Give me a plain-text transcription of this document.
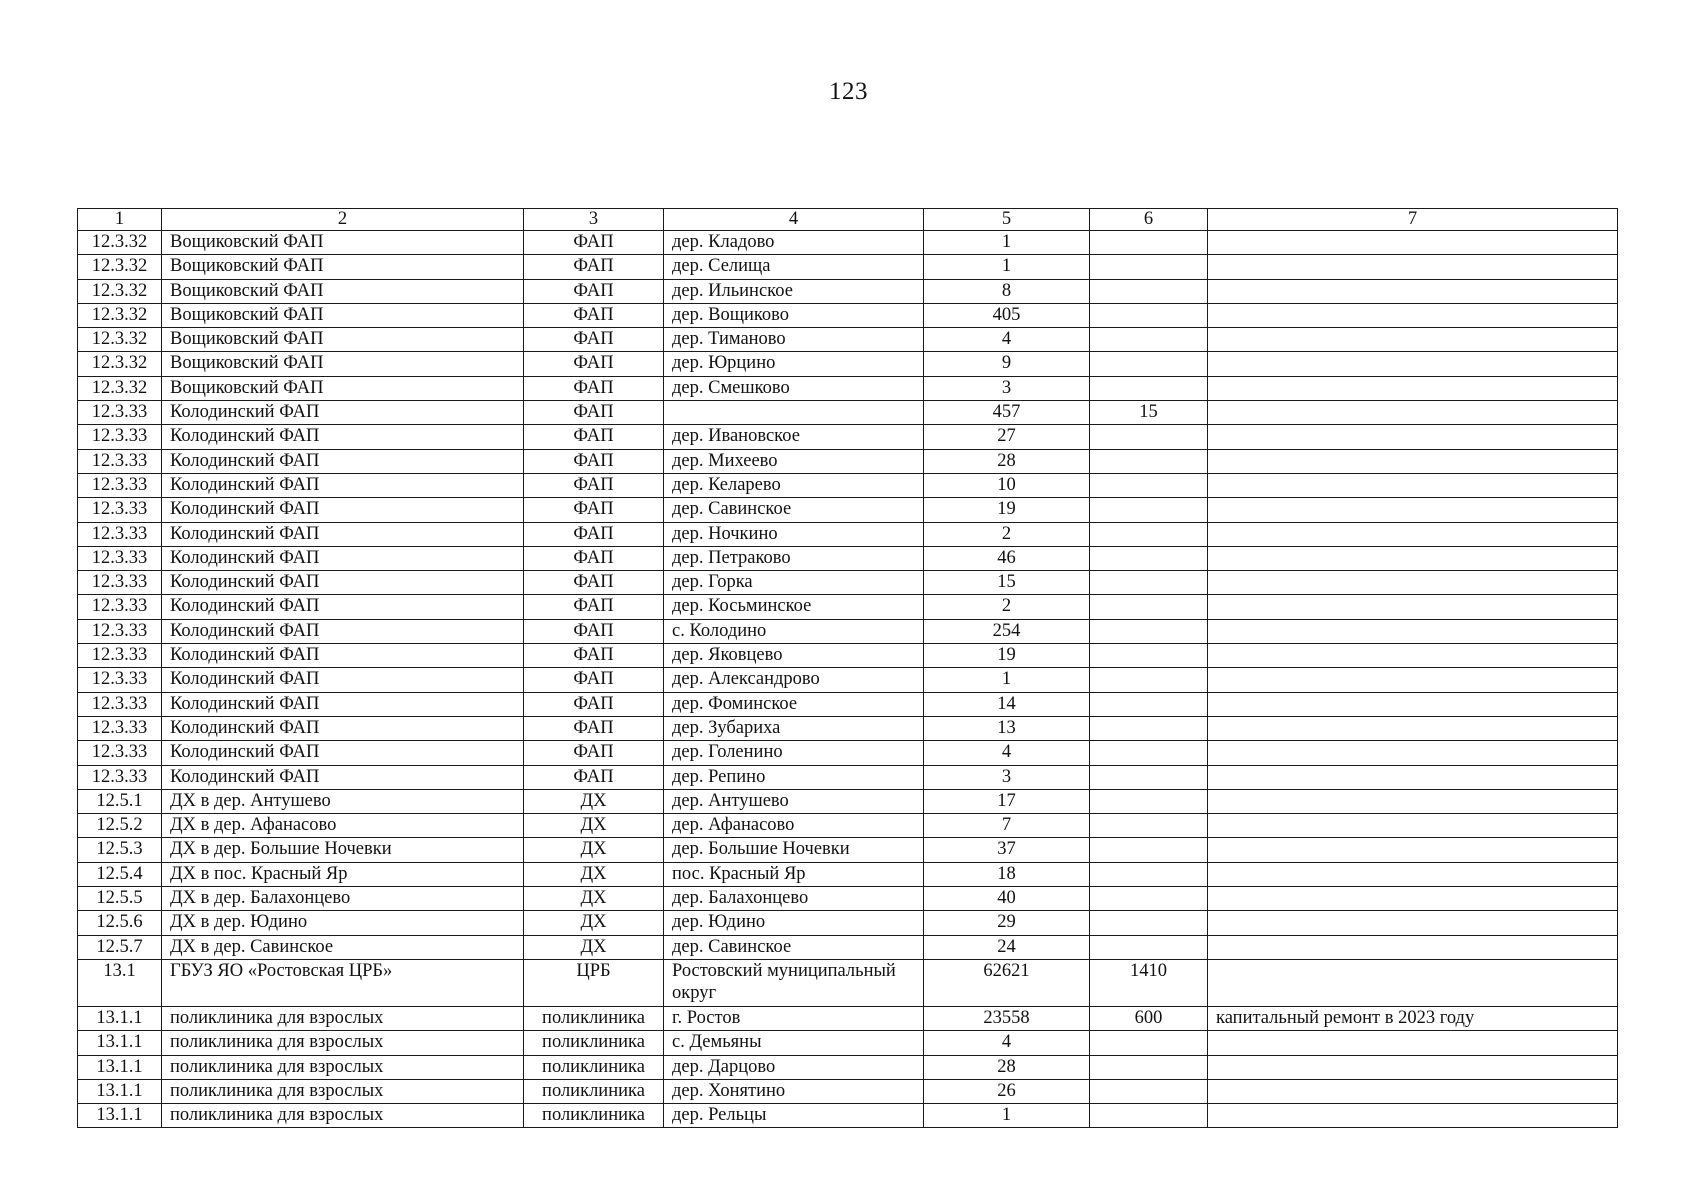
123
1	2	3	4	5	6	7
12.3.32	Вощиковский ФАП	ФАП	дер. Кладово	1		
12.3.32	Вощиковский ФАП	ФАП	дер. Селища	1		
12.3.32	Вощиковский ФАП	ФАП	дер. Ильинское	8		
12.3.32	Вощиковский ФАП	ФАП	дер. Вощиково	405		
12.3.32	Вощиковский ФАП	ФАП	дер. Тиманово	4		
12.3.32	Вощиковский ФАП	ФАП	дер. Юрцино	9		
12.3.32	Вощиковский ФАП	ФАП	дер. Смешково	3		
12.3.33	Колодинский ФАП	ФАП		457	15	
12.3.33	Колодинский ФАП	ФАП	дер. Ивановское	27		
12.3.33	Колодинский ФАП	ФАП	дер. Михеево	28		
12.3.33	Колодинский ФАП	ФАП	дер. Келарево	10		
12.3.33	Колодинский ФАП	ФАП	дер. Савинское	19		
12.3.33	Колодинский ФАП	ФАП	дер. Ночкино	2		
12.3.33	Колодинский ФАП	ФАП	дер. Петраково	46		
12.3.33	Колодинский ФАП	ФАП	дер. Горка	15		
12.3.33	Колодинский ФАП	ФАП	дер. Косьминское	2		
12.3.33	Колодинский ФАП	ФАП	с. Колодино	254		
12.3.33	Колодинский ФАП	ФАП	дер. Яковцево	19		
12.3.33	Колодинский ФАП	ФАП	дер. Александрово	1		
12.3.33	Колодинский ФАП	ФАП	дер. Фоминское	14		
12.3.33	Колодинский ФАП	ФАП	дер. Зубариха	13		
12.3.33	Колодинский ФАП	ФАП	дер. Голенино	4		
12.3.33	Колодинский ФАП	ФАП	дер. Репино	3		
12.5.1	ДХ в дер. Антушево	ДХ	дер. Антушево	17		
12.5.2	ДХ в дер. Афанасово	ДХ	дер. Афанасово	7		
12.5.3	ДХ в дер. Большие Ночевки	ДХ	дер. Большие Ночевки	37		
12.5.4	ДХ в пос. Красный Яр	ДХ	пос. Красный Яр	18		
12.5.5	ДХ в дер. Балахонцево	ДХ	дер. Балахонцево	40		
12.5.6	ДХ в дер. Юдино	ДХ	дер. Юдино	29		
12.5.7	ДХ в дер. Савинское	ДХ	дер. Савинское	24		
13.1	ГБУЗ ЯО «Ростовская ЦРБ»	ЦРБ	Ростовский муниципальный округ	62621	1410	
13.1.1	поликлиника для взрослых	поликлиника	г. Ростов	23558	600	капитальный ремонт в 2023 году
13.1.1	поликлиника для взрослых	поликлиника	с. Демьяны	4		
13.1.1	поликлиника для взрослых	поликлиника	дер. Дарцово	28		
13.1.1	поликлиника для взрослых	поликлиника	дер. Хонятино	26		
13.1.1	поликлиника для взрослых	поликлиника	дер. Рельцы	1		
